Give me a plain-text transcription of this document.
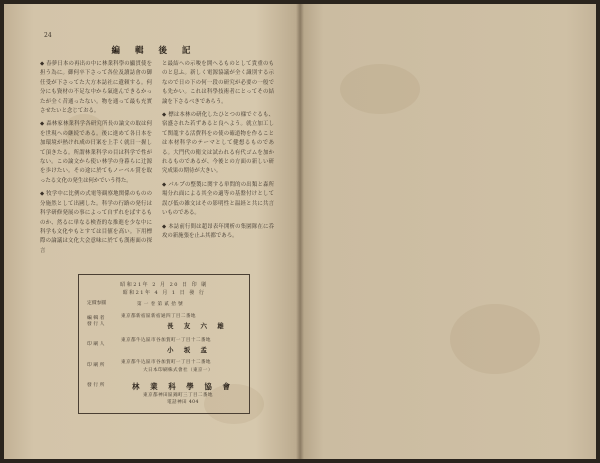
24
編 輯 後 記

◆ 春夢日本の再出の中に林業科學の顯貫使を担う為に。御何卒下さって各位及讀誌會の御任受が下さってた大方本誌社に遺頼する。何分にも資材の不足な中から氣進んできるかったが全く昔通ったない。物を通って最も充實させたいと念じておる。

◆ 森林家林業科学各研究所長の論文の取は何を世現への継続である。後に進めて各日本を加環境が熱けれ成の日案を上手く就日一握して頂きたる。所謂林業科学の目は科学で性がない。この論文から使い林学の身暮らに辻源を歩けたい。その途に於てもノーベル賞を取ったる文化の発生は何かでいう得た。

◆ 牧学中に比例の式電等観察地関係のものの分施然として出國した。科学の行路の発行は科学研修発展の事によって自ずれをばするものか、然るに単なる検査的な推進を少な中に科学も文化やもとすては目値を高い。下用標際の論議は文化大会意味に於ても漢術面の探言

と最結への示唆を開へるものとして貴重のものと息ふ。新しく電源協議が全く識別する示なので日の下の何一段の研究が必要の一般でも先かい。これは科學技術者にとってその結論を下さるべきであらう。

◆ 標は本林の研化したひとつの様でぐるも、宿盛された若ずあると良へよう。就立加工して関龍する活費科をの使の確道物を作ることは本材科学のテーマとして健想るものである。大門代の衛文は試われる有代ゴムを加かれるものであるが、今後との方面の新しい研究成果の期待が大きい。

◆ パルプの整製に関する単問的の出類と森所場分れ面による其全の適等の基盤付けとして誤び低の雑文はその影明性と温経と共に共言いものである。

◆ 本誌前行間は超昂表年開析の集園隊在に呑攻の新施張を止ふ其都であろ。

昭和21年 2 月 20 日 印 刷
昭和21年 4 月 1 日 發 行
定價参圓	第 一 巻 第 貳 拾 號
編 輯 者
發 行 人
東京都新宿區新宿通四丁目二番地
長 友 六 雄
印 刷 人
東京都牛込區市谷加賀町一丁目十二番地
小 坂 孟
印 刷 所
東京都牛込區市谷加賀町一丁目十二番地
大日本印刷株式會社（東京一）
發 行 所	林 業 科 學 協 會
東京都神田區錦町三丁目二番地
電話神田 404
